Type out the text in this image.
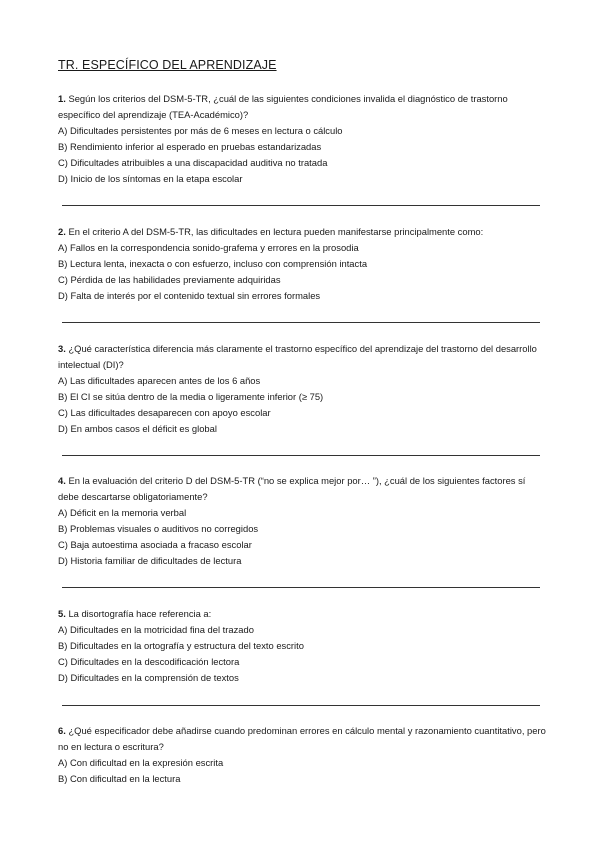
TR. ESPECÍFICO DEL APRENDIZAJE

1. Según los criterios del DSM-5-TR, ¿cuál de las siguientes condiciones invalida el diagnóstico de trastorno específico del aprendizaje (TEA-Académico)?

A) Dificultades persistentes por más de 6 meses en lectura o cálculo

B) Rendimiento inferior al esperado en pruebas estandarizadas

C) Dificultades atribuibles a una discapacidad auditiva no tratada

D) Inicio de los síntomas en la etapa escolar

2. En el criterio A del DSM-5-TR, las dificultades en lectura pueden manifestarse principalmente como:

A) Fallos en la correspondencia sonido-grafema y errores en la prosodia

B) Lectura lenta, inexacta o con esfuerzo, incluso con comprensión intacta

C) Pérdida de las habilidades previamente adquiridas

D) Falta de interés por el contenido textual sin errores formales

3. ¿Qué característica diferencia más claramente el trastorno específico del aprendizaje del trastorno del desarrollo intelectual (DI)?

A) Las dificultades aparecen antes de los 6 años

B) El CI se sitúa dentro de la media o ligeramente inferior (≥ 75)

C) Las dificultades desaparecen con apoyo escolar

D) En ambos casos el déficit es global

4. En la evaluación del criterio D del DSM-5-TR (“no se explica mejor por… ”), ¿cuál de los siguientes factores sí debe descartarse obligatoriamente?

A) Déficit en la memoria verbal

B) Problemas visuales o auditivos no corregidos

C) Baja autoestima asociada a fracaso escolar

D) Historia familiar de dificultades de lectura

5. La disortografía hace referencia a:

A) Dificultades en la motricidad fina del trazado

B) Dificultades en la ortografía y estructura del texto escrito

C) Dificultades en la descodificación lectora

D) Dificultades en la comprensión de textos

6. ¿Qué especificador debe añadirse cuando predominan errores en cálculo mental y razonamiento cuantitativo, pero no en lectura o escritura?

A) Con dificultad en la expresión escrita

B) Con dificultad en la lectura
